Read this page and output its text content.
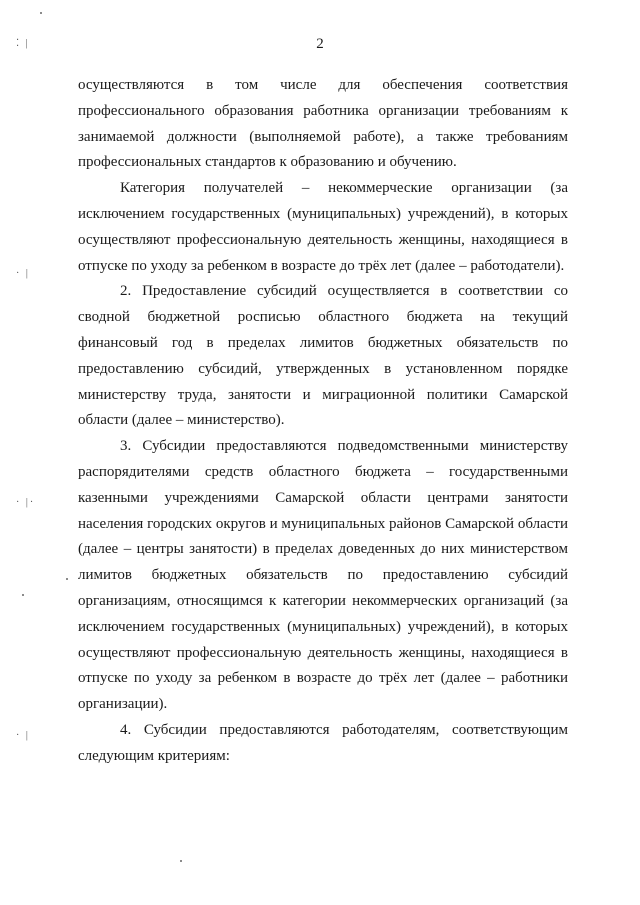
2

осуществляются в том числе для обеспечения соответствия профессионального образования работника организации требованиям к занимаемой должности (выполняемой работе), а также требованиям профессиональных стандартов к образованию и обучению.

Категория получателей – некоммерческие организации (за исключением государственных (муниципальных) учреждений), в которых осуществляют профессиональную деятельность женщины, находящиеся в отпуске по уходу за ребенком в возрасте до трёх лет (далее – работодатели).

2. Предоставление субсидий осуществляется в соответствии со сводной бюджетной росписью областного бюджета на текущий финансовый год в пределах лимитов бюджетных обязательств по предоставлению субсидий, утвержденных в установленном порядке министерству труда, занятости и миграционной политики Самарской области (далее – министерство).

3. Субсидии предоставляются подведомственными министерству распорядителями средств областного бюджета – государственными казенными учреждениями Самарской области центрами занятости населения городских округов и муниципальных районов Самарской области (далее – центры занятости) в пределах доведенных до них министерством лимитов бюджетных обязательств по предоставлению субсидий организациям, относящимся к категории некоммерческих организаций (за исключением государственных (муниципальных) учреждений), в которых осуществляют профессиональную деятельность женщины, находящиеся в отпуске по уходу за ребенком в возрасте до трёх лет (далее – работники организации).

4. Субсидии предоставляются работодателям, соответствующим следующим критериям:

⁚ |
· |
· |·
· |
